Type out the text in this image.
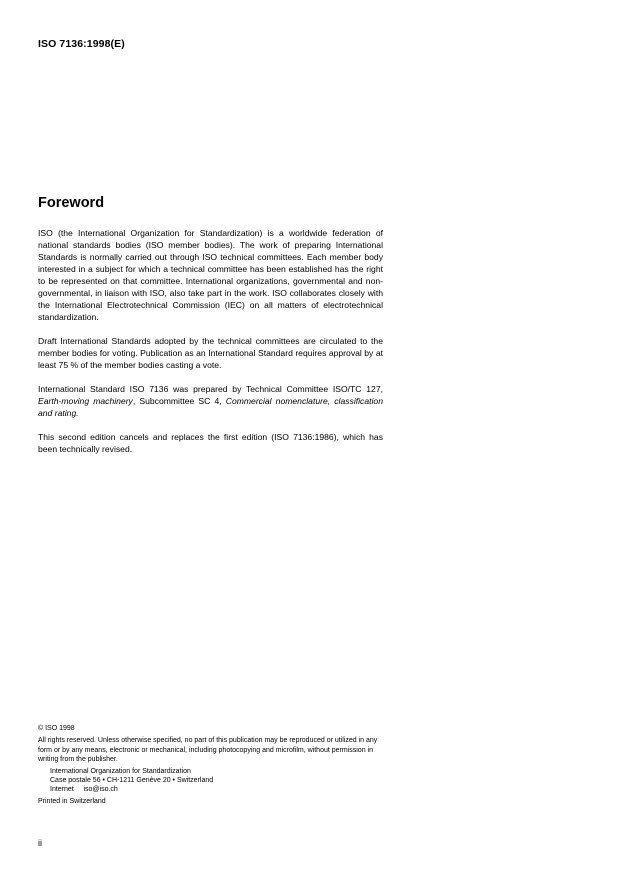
ISO 7136:1998(E)
Foreword

ISO (the International Organization for Standardization) is a worldwide federation of national standards bodies (ISO member bodies). The work of preparing International Standards is normally carried out through ISO technical committees. Each member body interested in a subject for which a technical committee has been established has the right to be represented on that committee. International organizations, governmental and non-governmental, in liaison with ISO, also take part in the work. ISO collaborates closely with the International Electrotechnical Commission (IEC) on all matters of electrotechnical standardization.

Draft International Standards adopted by the technical committees are circulated to the member bodies for voting. Publication as an International Standard requires approval by at least 75 % of the member bodies casting a vote.

International Standard ISO 7136 was prepared by Technical Committee ISO/TC 127, Earth-moving machinery, Subcommittee SC 4, Commercial nomenclature, classification and rating.

This second edition cancels and replaces the first edition (ISO 7136:1986), which has been technically revised.

© ISO 1998

All rights reserved. Unless otherwise specified, no part of this publication may be reproduced or utilized in any form or by any means, electronic or mechanical, including photocopying and microfilm, without permission in writing from the publisher.

International Organization for Standardization

Case postale 56 • CH-1211 Genève 20 • Switzerland

Internet     iso@iso.ch

Printed in Switzerland

ii
